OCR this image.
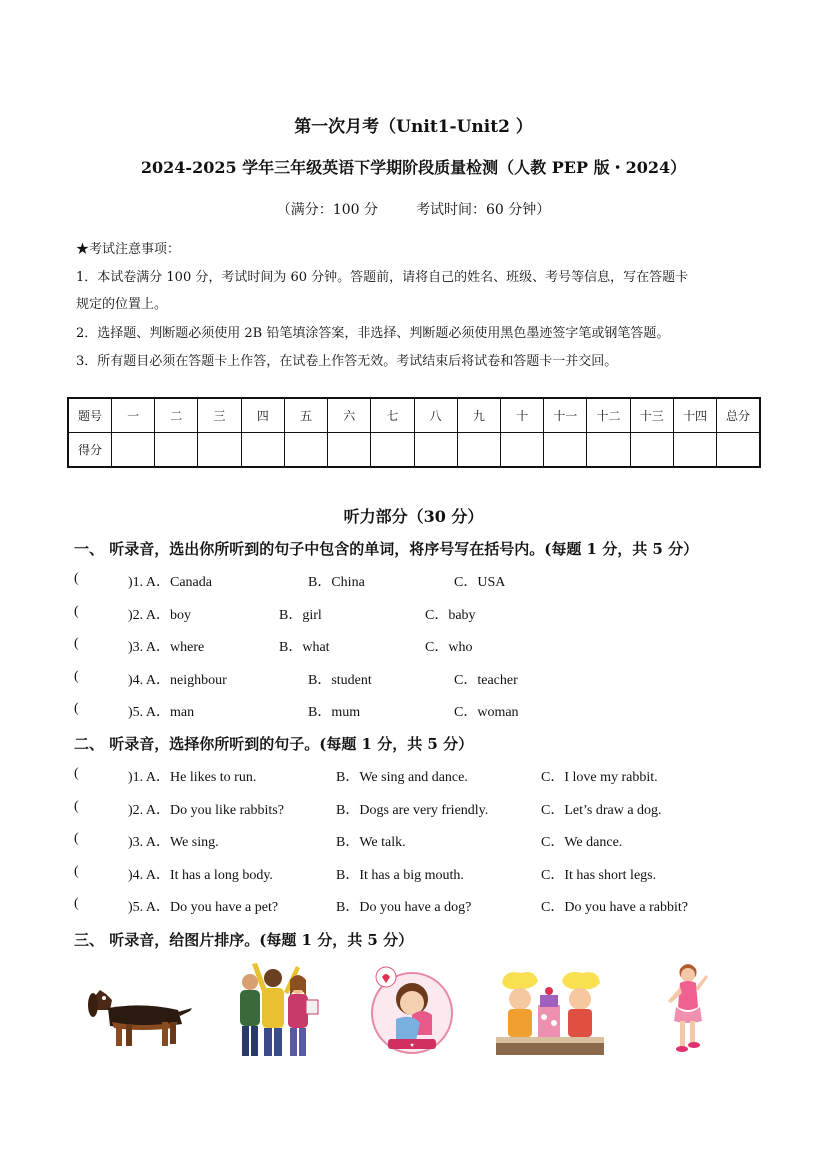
第一次月考（Unit1-Unit2 ）
2024-2025 学年三年级英语下学期阶段质量检测（人教 PEP 版・2024）
（满分：100 分	考试时间：60 分钟）
★考试注意事项：
1．本试卷满分 100 分，考试时间为 60 分钟。答题前，请将自己的姓名、班级、考号等信息，写在答题卡
规定的位置上。
2．选择题、判断题必须使用 2B 铅笔填涂答案，非选择、判断题必须使用黑色墨迹签字笔或钢笔答题。
3．所有题目必须在答题卡上作答，在试卷上作答无效。考试结束后将试卷和答题卡一并交回。
题号	一	二	三	四	五	六	七	八	九	十	十一	十二	十三	十四	总分
得分															
听力部分（30 分）
一、 听录音，选出你所听到的句子中包含的单词，将序号写在括号内。(每题 1 分，共 5 分）
(	)1. A．Canada	B．China	C．USA
(	)2. A．boy	B．girl	C．baby
(	)3. A．where	B．what	C．who
(	)4. A．neighbour	B．student	C．teacher
(	)5. A．man	B．mum	C．woman
二、 听录音，选择你所听到的句子。(每题 1 分，共 5 分）
(	)1. A．He likes to run.	B．We sing and dance.	C．I love my rabbit.
(	)2. A．Do you like rabbits?	B．Dogs are very friendly.	C．Let’s draw a dog.
(	)3. A．We sing.	B．We talk.	C．We dance.
(	)4. A．It has a long body.	B．It has a big mouth.	C．It has short legs.
(	)5. A．Do you have a pet?	B．Do you have a dog?	C．Do you have a rabbit?
三、 听录音，给图片排序。(每题 1 分，共 5 分）
♥
